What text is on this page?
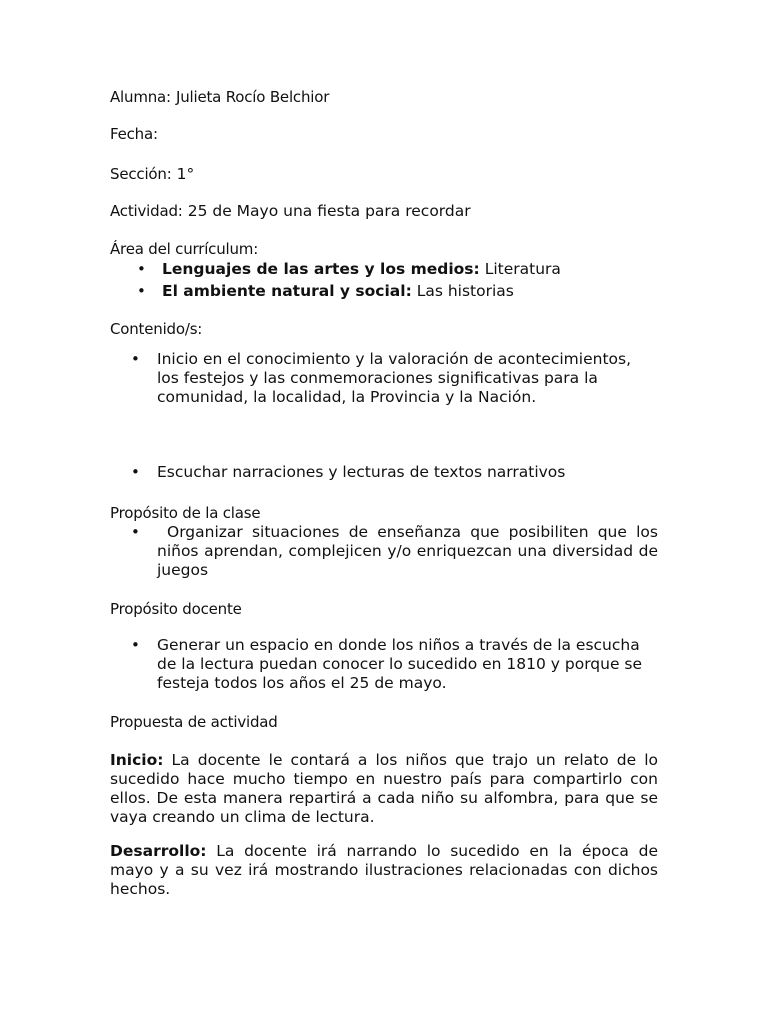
Alumna: Julieta Rocío Belchior
Fecha:
Sección: 1°
Actividad: 25 de Mayo una fiesta para recordar
Área del currículum:
• Lenguajes de las artes y los medios: Literatura
• El ambiente natural y social: Las historias
Contenido/s:
• Inicio en el conocimiento y la valoración de acontecimientos, los festejos y las conmemoraciones significativas para la comunidad, la localidad, la Provincia y la Nación.
• Escuchar narraciones y lecturas de textos narrativos
Propósito de la clase
•	Organizar situaciones de enseñanza que posibiliten que los niños aprendan, complejicen y/o enriquezcan una diversidad de juegos
Propósito docente
• Generar un espacio en donde los niños a través de la escucha de la lectura puedan conocer lo sucedido en 1810 y porque se festeja todos los años el 25 de mayo.
Propuesta de actividad
Inicio: La docente le contará a los niños que trajo un relato de lo sucedido hace mucho tiempo en nuestro país para compartirlo con ellos. De esta manera repartirá a cada niño su alfombra, para que se vaya creando un clima de lectura.
Desarrollo: La docente irá narrando lo sucedido en la época de mayo y a su vez irá mostrando ilustraciones relacionadas con dichos hechos.
